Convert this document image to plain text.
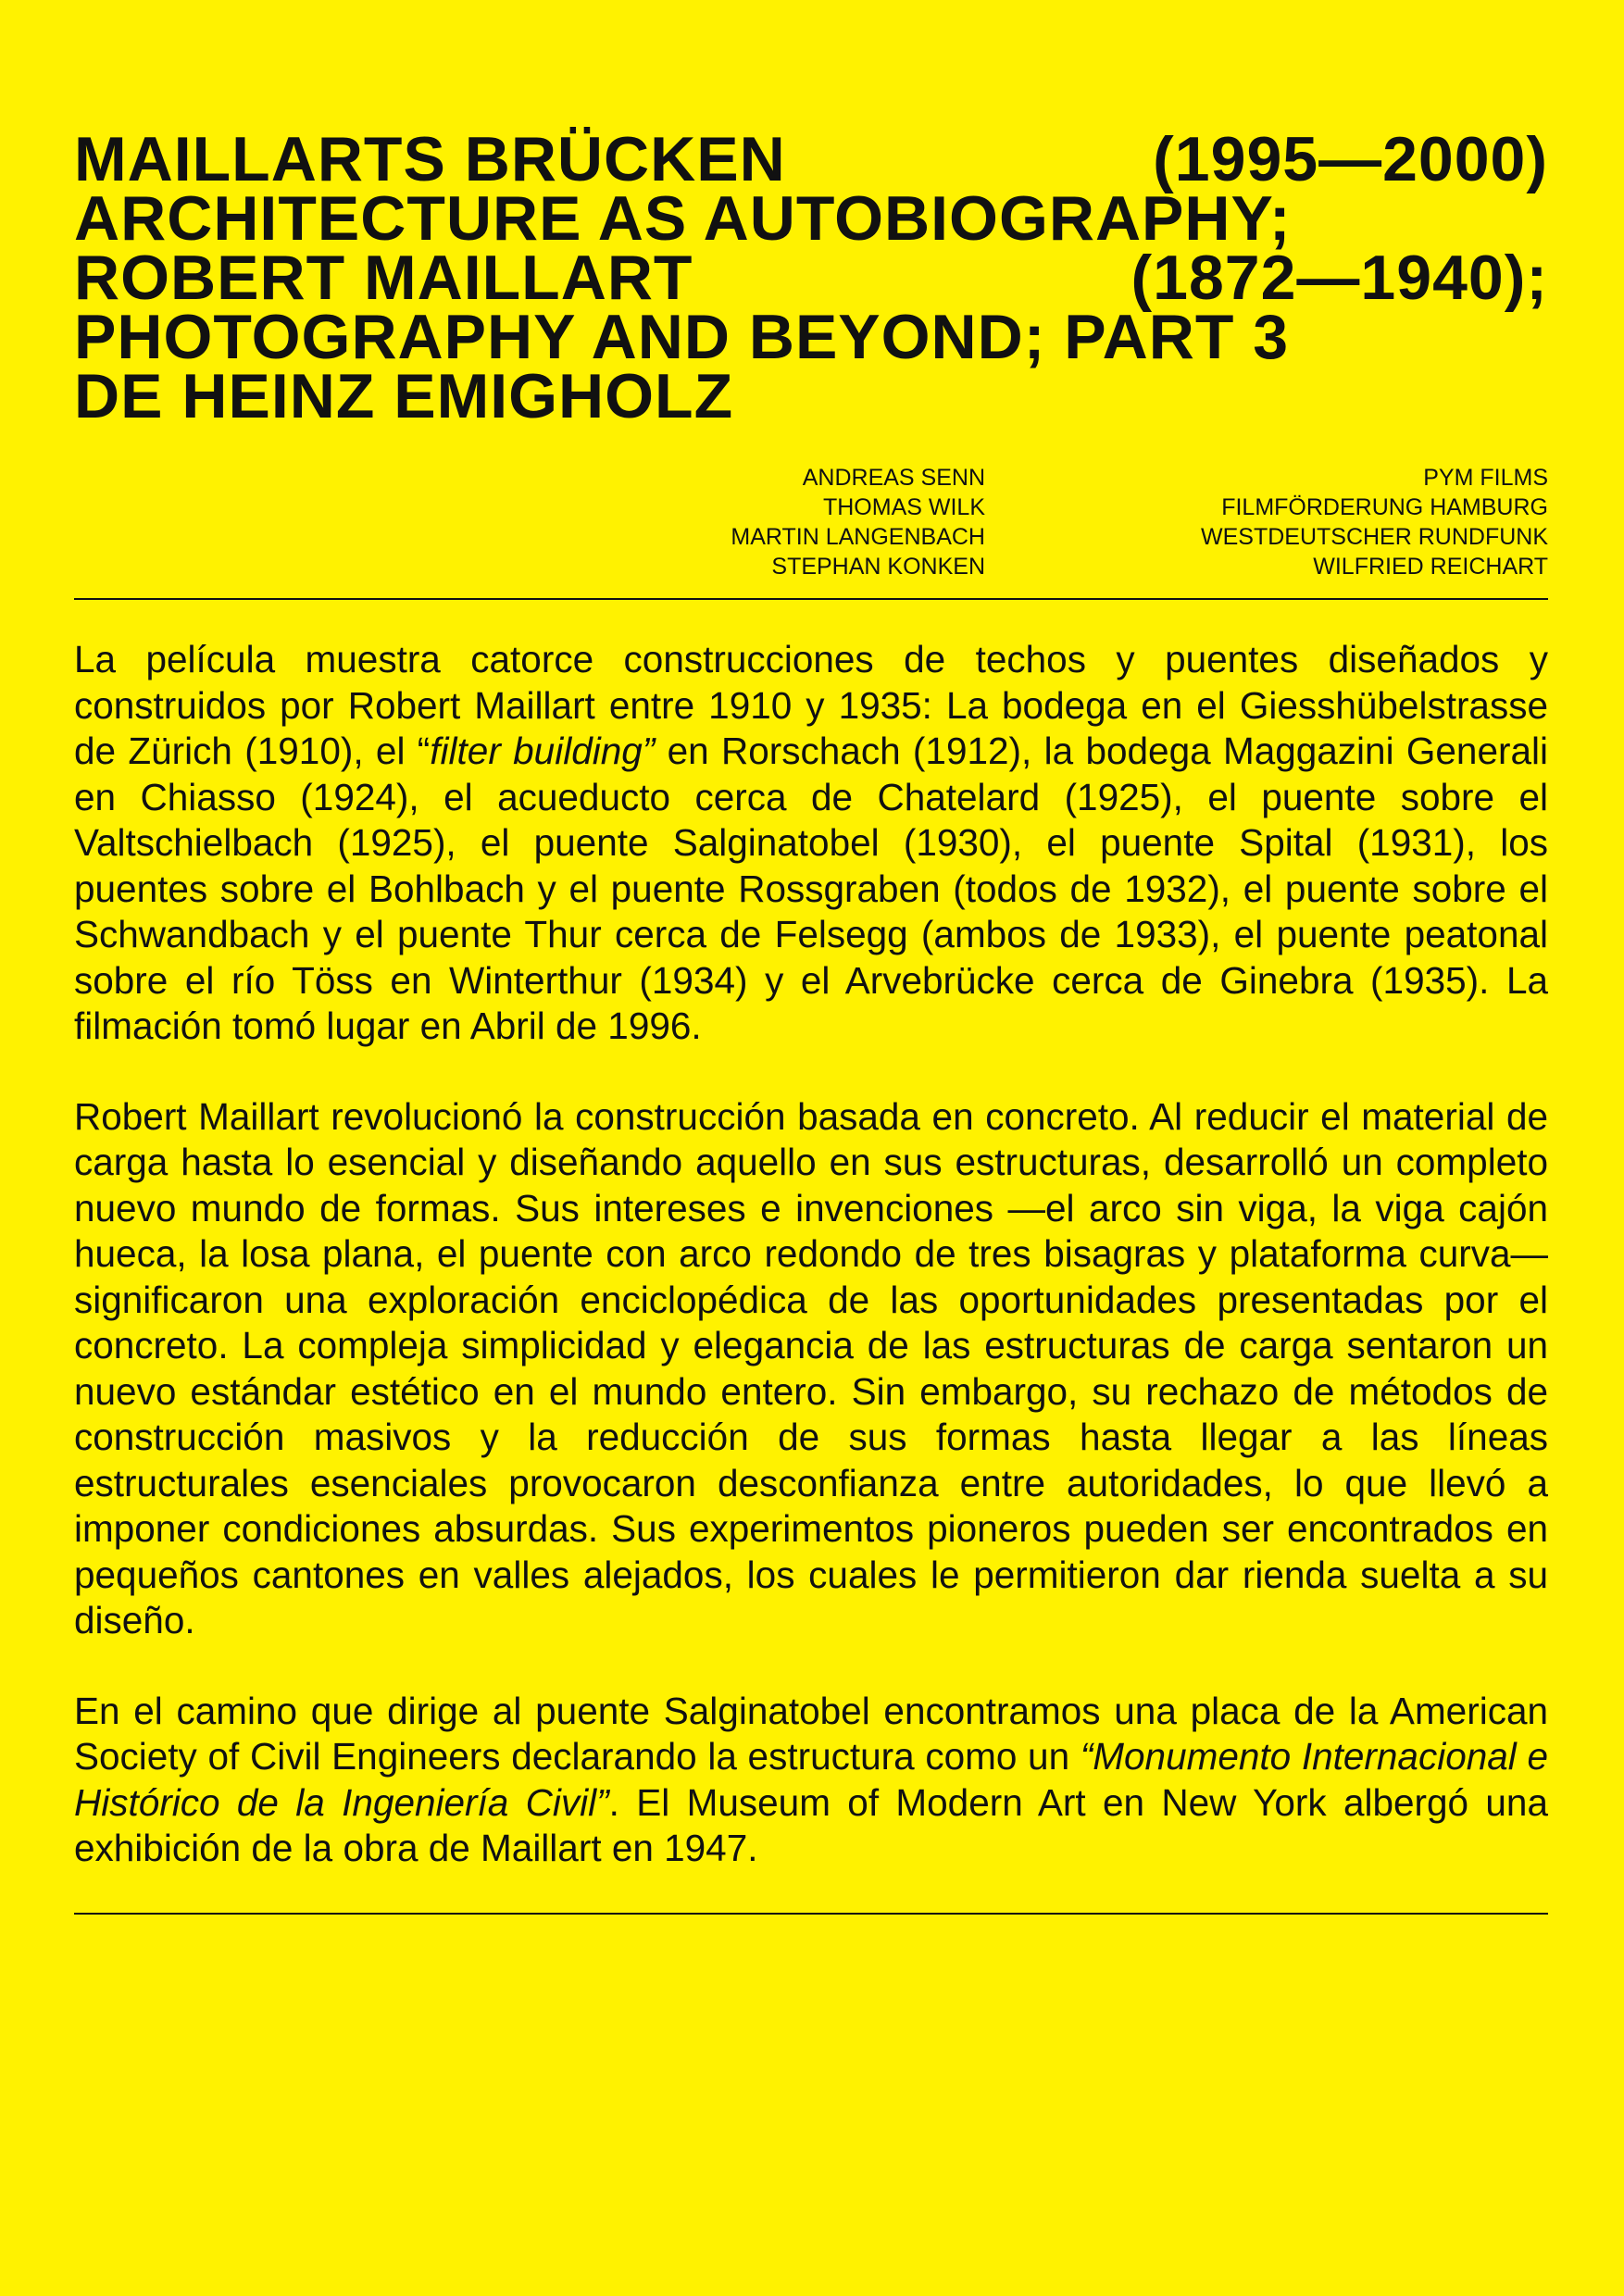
MAILLARTS BRÜCKEN	(1995—2000)
ARCHITECTURE AS AUTOBIOGRAPHY;
ROBERT MAILLART	(1872—1940);
PHOTOGRAPHY AND BEYOND; PART 3
DE HEINZ EMIGHOLZ
ANDREAS SENN
THOMAS WILK
MARTIN LANGENBACH
STEPHAN KONKEN
PYM FILMS
FILMFÖRDERUNG HAMBURG
WESTDEUTSCHER RUNDFUNK
WILFRIED REICHART

La película muestra catorce construcciones de techos y puentes diseñados y construidos por Robert Maillart entre 1910 y 1935: La bodega en el Giesshübelstrasse de Zürich (1910), el “filter building” en Rorschach (1912), la bodega Maggazini Generali en Chiasso (1924), el acueducto cerca de Chatelard (1925), el puente sobre el Valtschielbach (1925), el puente Salginatobel (1930), el puente Spital (1931), los puentes sobre el Bohlbach y el puente Rossgraben (todos de 1932), el puente sobre el Schwandbach y el puente Thur cerca de Felsegg (ambos de 1933), el puente peatonal sobre el río Töss en Winterthur (1934) y el Arvebrücke cerca de Ginebra (1935). La filmación tomó lugar en Abril de 1996.

Robert Maillart revolucionó la construcción basada en concreto. Al reducir el material de carga hasta lo esencial y diseñando aquello en sus estructuras, desarrolló un completo nuevo mundo de formas. Sus intereses e invenciones —el arco sin viga, la viga cajón hueca, la losa plana, el puente con arco redondo de tres bisagras y plataforma curva— significaron una exploración enciclopédica de las oportunidades presentadas por el concreto. La compleja simplicidad y elegancia de las estructuras de carga sentaron un nuevo estándar estético en el mundo entero. Sin embargo, su rechazo de métodos de construcción masivos y la reducción de sus formas hasta llegar a las líneas estructurales esenciales provocaron desconfianza entre autoridades, lo que llevó a imponer condiciones absurdas. Sus experimentos pioneros pueden ser encontrados en pequeños cantones en valles alejados, los cuales le permitieron dar rienda suelta a su diseño.

En el camino que dirige al puente Salginatobel encontramos una placa de la American Society of Civil Engineers declarando la estructura como un “Monumento Internacional e Histórico de la Ingeniería Civil”. El Museum of Modern Art en New York albergó una exhibición de la obra de Maillart en 1947.
